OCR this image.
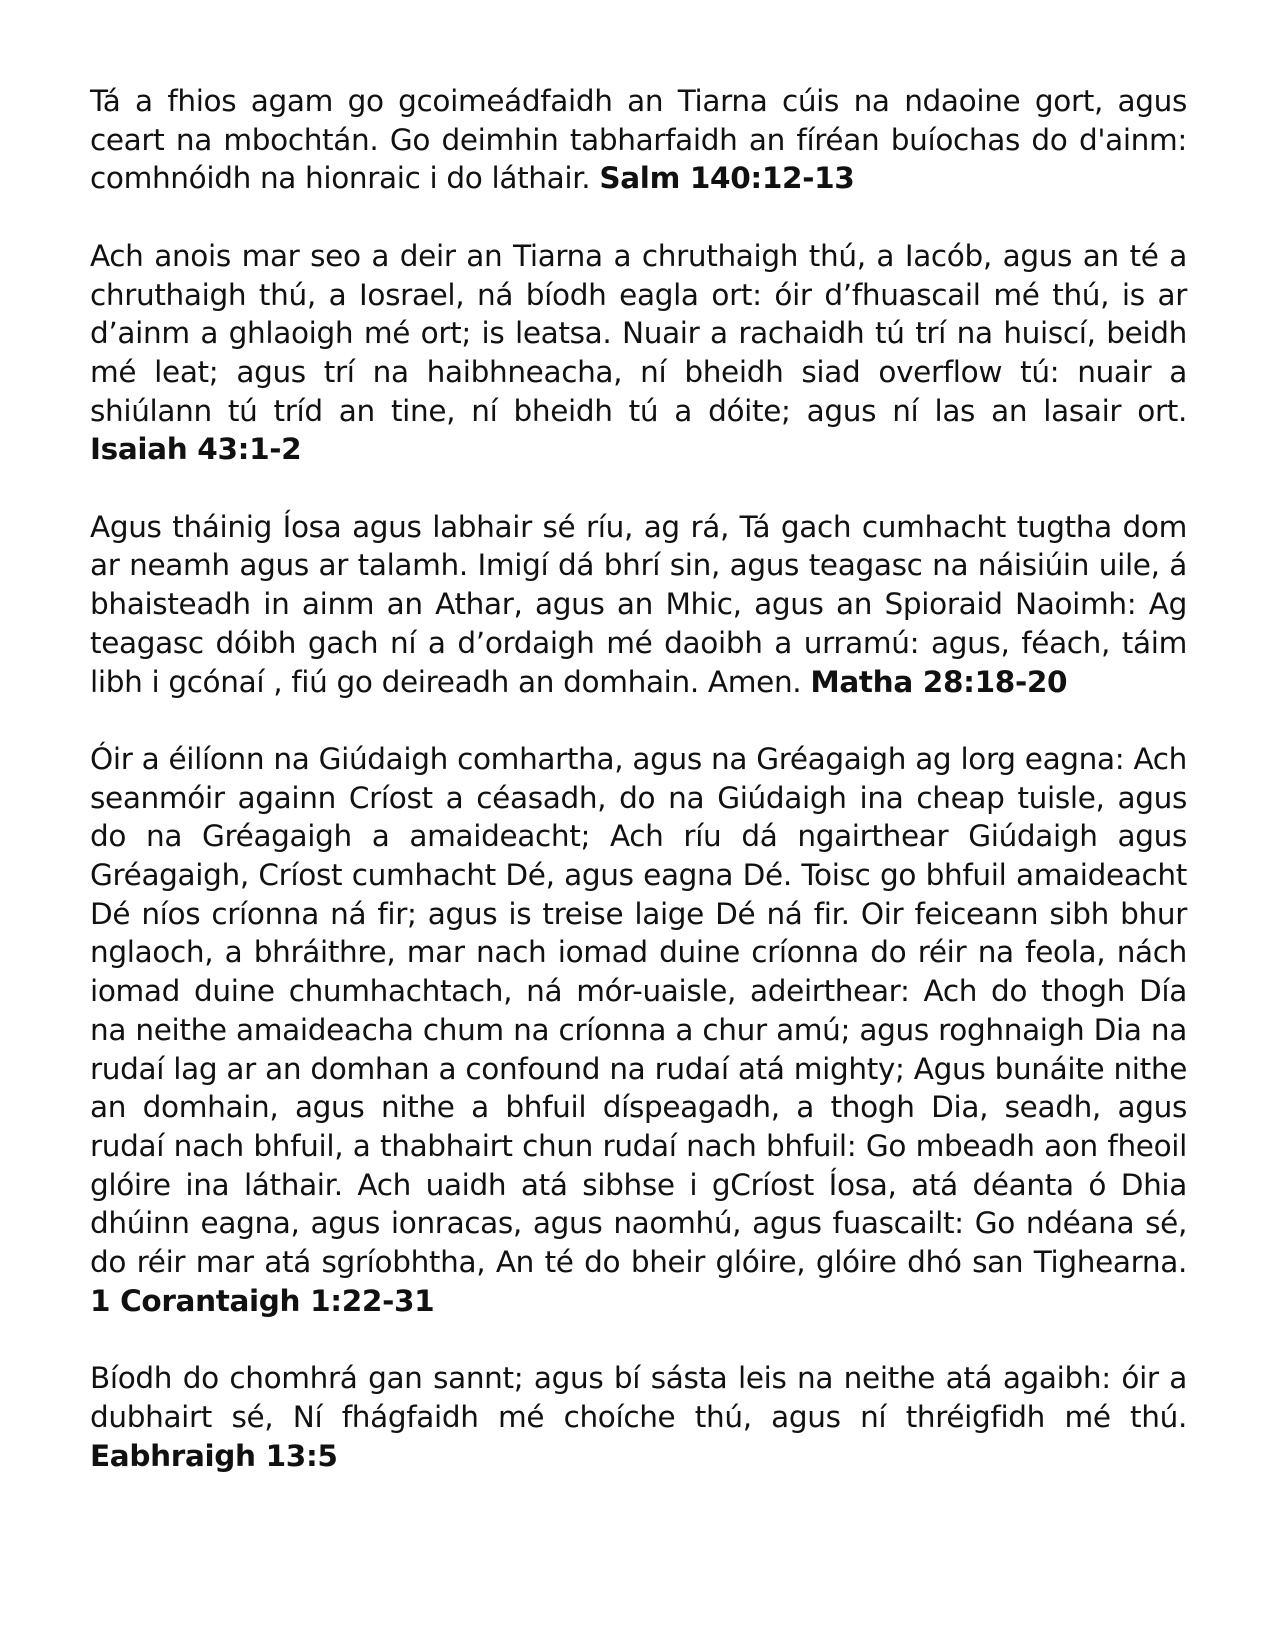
Tá a fhios agam go gcoimeádfaidh an Tiarna cúis na ndaoine gort, agus ceart na mbochtán. Go deimhin tabharfaidh an fíréan buíochas do d'ainm: comhnóidh na hionraic i do láthair. Salm 140:12-13

Ach anois mar seo a deir an Tiarna a chruthaigh thú, a Iacób, agus an té a chruthaigh thú, a Iosrael, ná bíodh eagla ort: óir d’fhuascail mé thú, is ar d’ainm a ghlaoigh mé ort; is leatsa. Nuair a rachaidh tú trí na huiscí, beidh mé leat; agus trí na haibhneacha, ní bheidh siad overflow tú: nuair a shiúlann tú tríd an tine, ní bheidh tú a dóite; agus ní las an lasair ort. Isaiah 43:1-2

Agus tháinig Íosa agus labhair sé ríu, ag rá, Tá gach cumhacht tugtha dom ar neamh agus ar talamh. Imigí dá bhrí sin, agus teagasc na náisiúin uile, á bhaisteadh in ainm an Athar, agus an Mhic, agus an Spioraid Naoimh: Ag teagasc dóibh gach ní a d’ordaigh mé daoibh a urramú: agus, féach, táim libh i gcónaí , fiú go deireadh an domhain. Amen. Matha 28:18-20

Óir a éilíonn na Giúdaigh comhartha, agus na Gréagaigh ag lorg eagna: Ach seanmóir againn Críost a céasadh, do na Giúdaigh ina cheap tuisle, agus do na Gréagaigh a amaideacht; Ach ríu dá ngairthear Giúdaigh agus Gréagaigh, Críost cumhacht Dé, agus eagna Dé. Toisc go bhfuil amaideacht Dé níos críonna ná fir; agus is treise laige Dé ná fir. Oir feiceann sibh bhur nglaoch, a bhráithre, mar nach iomad duine críonna do réir na feola, nách iomad duine chumhachtach, ná mór-uaisle, adeirthear: Ach do thogh Día na neithe amaideacha chum na críonna a chur amú; agus roghnaigh Dia na rudaí lag ar an domhan a confound na rudaí atá mighty; Agus bunáite nithe an domhain, agus nithe a bhfuil díspeagadh, a thogh Dia, seadh, agus rudaí nach bhfuil, a thabhairt chun rudaí nach bhfuil: Go mbeadh aon fheoil glóire ina láthair. Ach uaidh atá sibhse i gCríost Íosa, atá déanta ó Dhia dhúinn eagna, agus ionracas, agus naomhú, agus fuascailt: Go ndéana sé, do réir mar atá sgríobhtha, An té do bheir glóire, glóire dhó san Tighearna. 1 Corantaigh 1:22-31

Bíodh do chomhrá gan sannt; agus bí sásta leis na neithe atá agaibh: óir a dubhairt sé, Ní fhágfaidh mé choíche thú, agus ní thréigfidh mé thú. Eabhraigh 13:5
